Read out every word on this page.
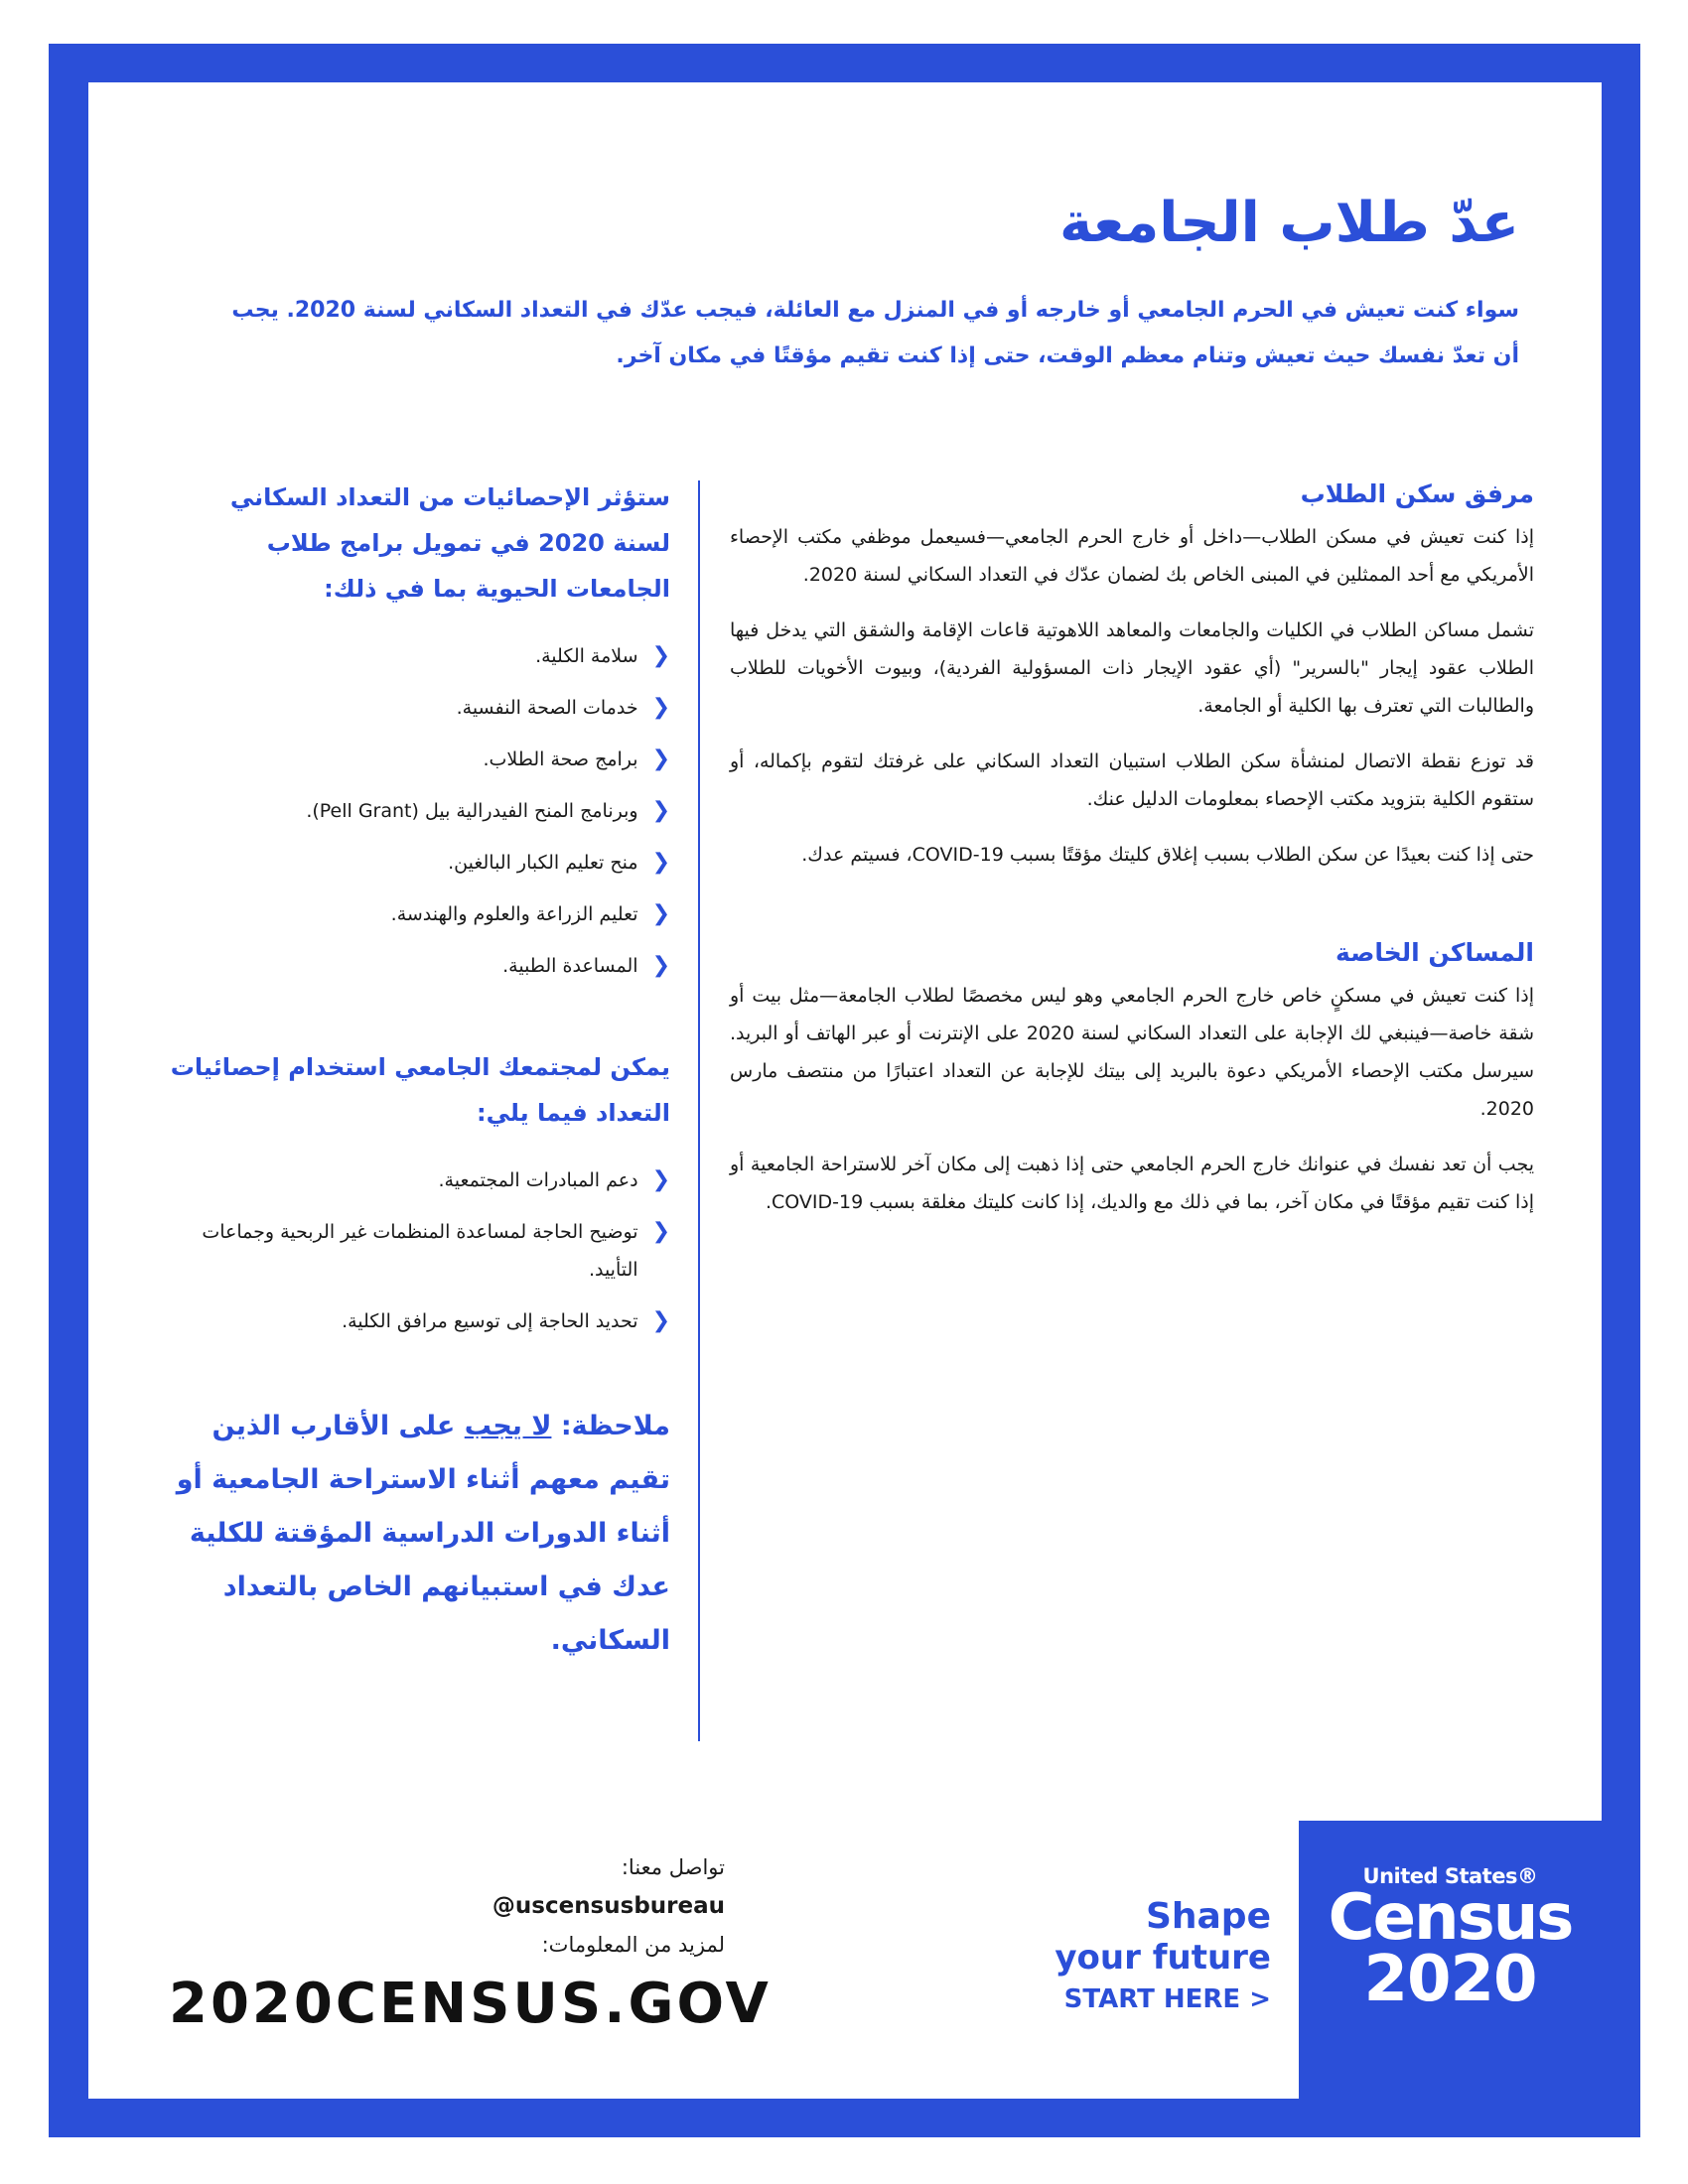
عدّ طلاب الجامعة

سواء كنت تعيش في الحرم الجامعي أو خارجه أو في المنزل مع العائلة، فيجب عدّك في التعداد السكاني لسنة 2020. يجب أن تعدّ نفسك حيث تعيش وتنام معظم الوقت، حتى إذا كنت تقيم مؤقتًا في مكان آخر.

مرفق سكن الطلاب

إذا كنت تعيش في مسكن الطلاب—داخل أو خارج الحرم الجامعي—فسيعمل موظفي مكتب الإحصاء الأمريكي مع أحد الممثلين في المبنى الخاص بك لضمان عدّك في التعداد السكاني لسنة 2020.

تشمل مساكن الطلاب في الكليات والجامعات والمعاهد اللاهوتية قاعات الإقامة والشقق التي يدخل فيها الطلاب عقود إيجار "بالسرير" (أي عقود الإيجار ذات المسؤولية الفردية)، وبيوت الأخويات للطلاب والطالبات التي تعترف بها الكلية أو الجامعة.

قد توزع نقطة الاتصال لمنشأة سكن الطلاب استبيان التعداد السكاني على غرفتك لتقوم بإكماله، أو ستقوم الكلية بتزويد مكتب الإحصاء بمعلومات الدليل عنك.

حتى إذا كنت بعيدًا عن سكن الطلاب بسبب إغلاق كليتك مؤقتًا بسبب COVID-19، فسيتم عدك.

المساكن الخاصة

إذا كنت تعيش في مسكنٍ خاص خارج الحرم الجامعي وهو ليس مخصصًا لطلاب الجامعة—مثل بيت أو شقة خاصة—فينبغي لك الإجابة على التعداد السكاني لسنة 2020 على الإنترنت أو عبر الهاتف أو البريد. سيرسل مكتب الإحصاء الأمريكي دعوة بالبريد إلى بيتك للإجابة عن التعداد اعتبارًا من منتصف مارس 2020.

يجب أن تعد نفسك في عنوانك خارج الحرم الجامعي حتى إذا ذهبت إلى مكان آخر للاستراحة الجامعية أو إذا كنت تقيم مؤقتًا في مكان آخر، بما في ذلك مع والديك، إذا كانت كليتك مغلقة بسبب COVID-19.

ستؤثر الإحصائيات من التعداد السكاني لسنة 2020 في تمويل برامج طلاب الجامعات الحيوية بما في ذلك:
❮
سلامة الكلية.
❮
خدمات الصحة النفسية.
❮
برامج صحة الطلاب.
❮
وبرنامج المنح الفيدرالية بيل (Pell Grant).
❮
منح تعليم الكبار البالغين.
❮
تعليم الزراعة والعلوم والهندسة.
❮
المساعدة الطبية.
يمكن لمجتمعك الجامعي استخدام إحصائيات التعداد فيما يلي:
❮
دعم المبادرات المجتمعية.
❮
توضيح الحاجة لمساعدة المنظمات غير الربحية وجماعات التأييد.
❮
تحديد الحاجة إلى توسيع مرافق الكلية.

ملاحظة: لا يجب على الأقارب الذين تقيم معهم أثناء الاستراحة الجامعية أو أثناء الدورات الدراسية المؤقتة للكلية عدك في استبيانهم الخاص بالتعداد السكاني.

تواصل معنا:
@uscensusbureau
لمزيد من المعلومات:
2020CENSUS.GOV
Shape
your future
START HERE >
United States®
Census
2020
